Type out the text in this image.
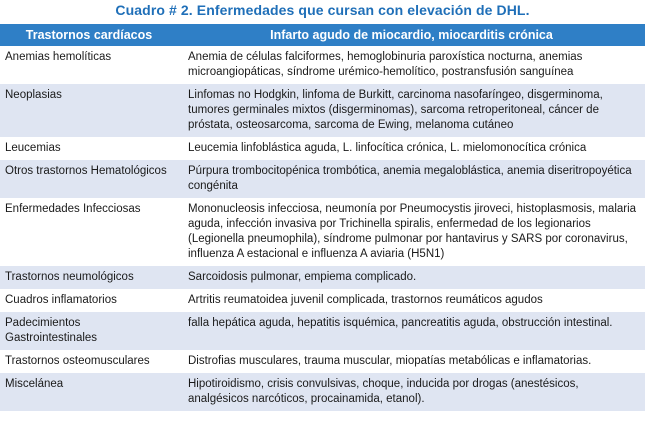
Cuadro # 2. Enfermedades que cursan con elevación de DHL.
Trastornos cardíacos	Infarto agudo de miocardio, miocarditis crónica
Anemias hemolíticas	Anemia de células falciformes, hemoglobinuria paroxística nocturna, anemias microangiopáticas, síndrome urémico-hemolítico, postransfusión sanguínea
Neoplasias	Linfomas no Hodgkin, linfoma de Burkitt, carcinoma nasofaríngeo, disgerminoma, tumores germinales mixtos (disgerminomas), sarcoma retroperitoneal, cáncer de próstata, osteosarcoma, sarcoma de Ewing, melanoma cutáneo
Leucemias	Leucemia linfoblástica aguda, L. linfocítica crónica, L. mielomonocítica crónica
Otros trastornos Hematológicos	Púrpura trombocitopénica trombótica, anemia megaloblástica, anemia diseritropoyética congénita
Enfermedades Infecciosas	Mononucleosis infecciosa, neumonía por Pneumocystis jiroveci, histoplasmosis, malaria aguda, infección invasiva por Trichinella spiralis, enfermedad de los legionarios (Legionella pneumophila), síndrome pulmonar por hantavirus y SARS por coronavirus, influenza A estacional e influenza A aviaria (H5N1)
Trastornos neumológicos	Sarcoidosis pulmonar, empiema complicado.
Cuadros inflamatorios	Artritis reumatoidea juvenil complicada, trastornos reumáticos agudos
Padecimientos Gastrointestinales	falla hepática aguda, hepatitis isquémica, pancreatitis aguda, obstrucción intestinal.
Trastornos osteomusculares	Distrofias musculares, trauma muscular, miopatías metabólicas e inflamatorias.
Miscelánea	Hipotiroidismo, crisis convulsivas, choque, inducida por drogas (anestésicos, analgésicos narcóticos, procainamida, etanol).
